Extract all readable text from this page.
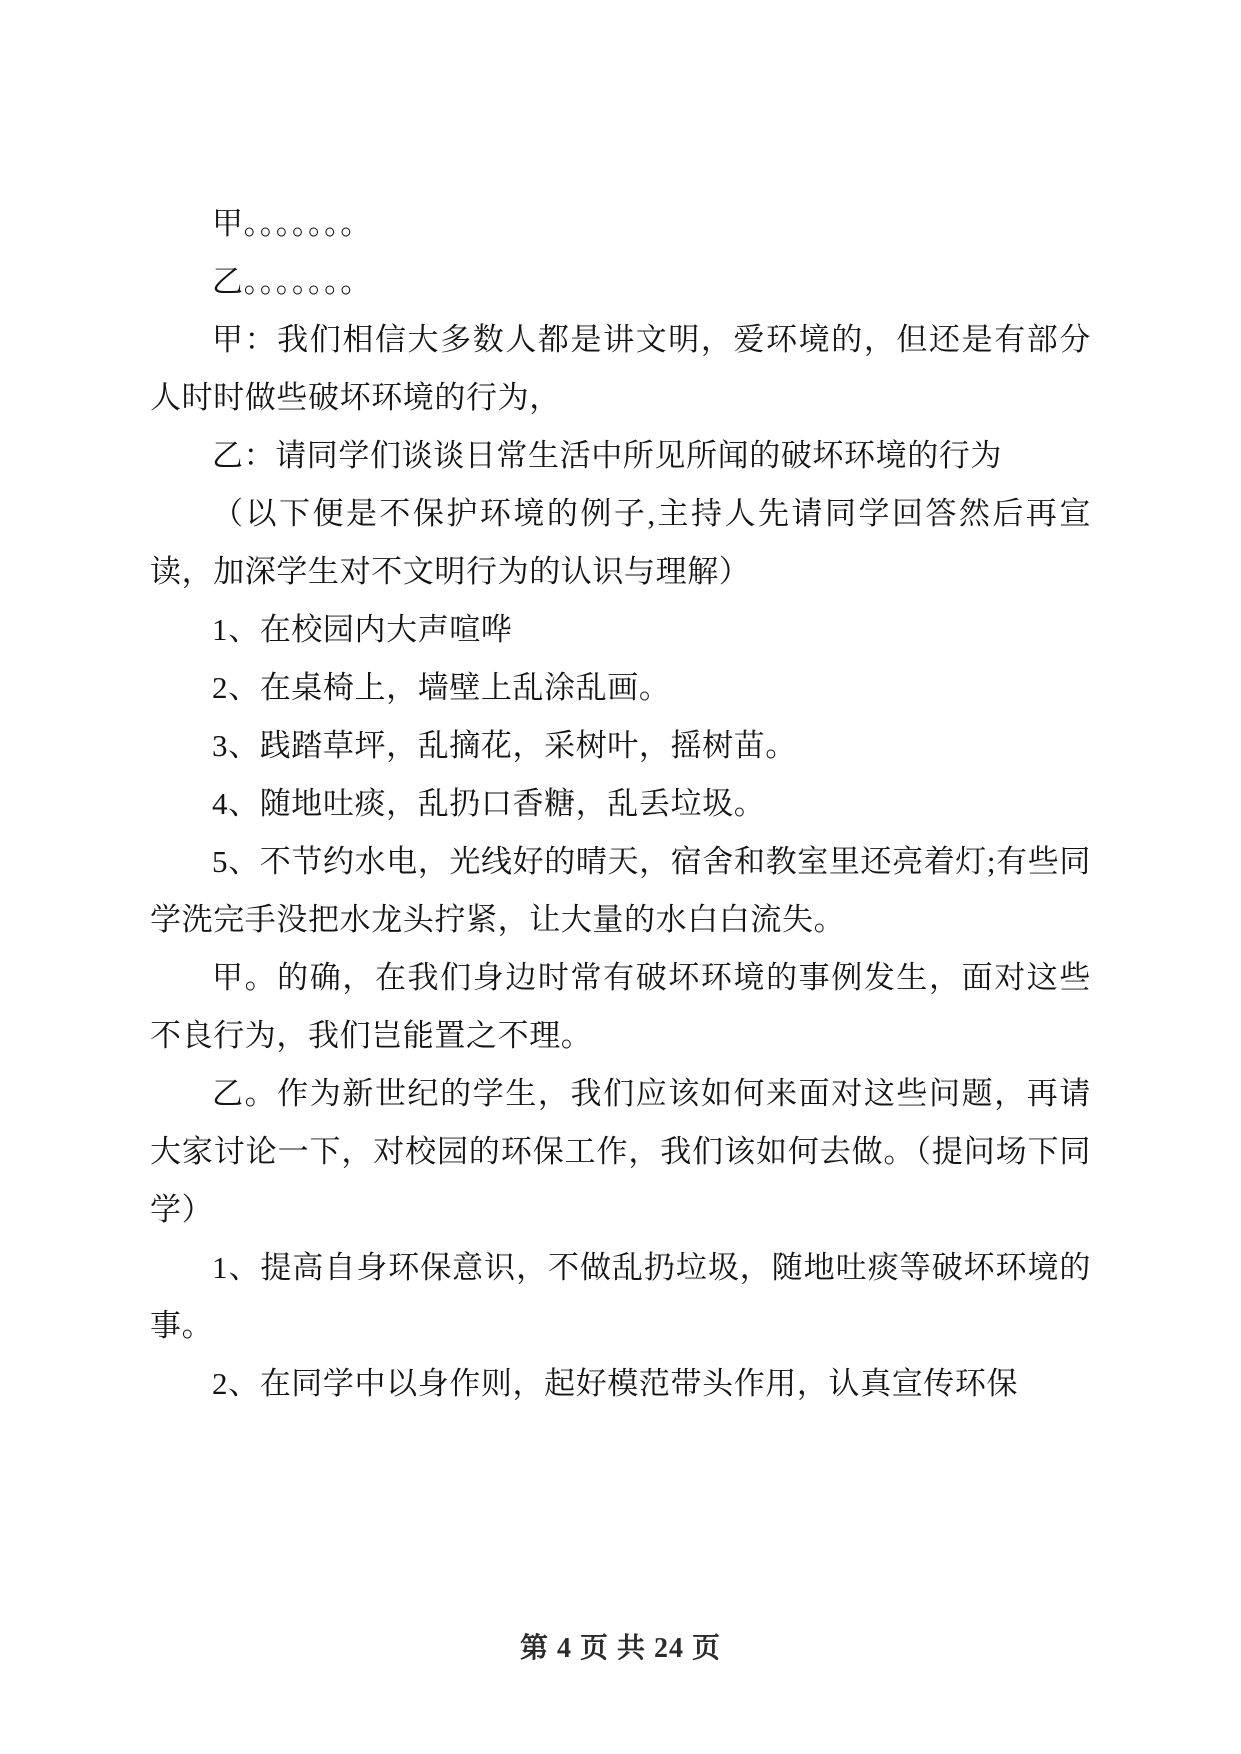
甲。。。。。。。

乙。。。。。。。

甲：我们相信大多数人都是讲文明，爱环境的，但还是有部分人时时做些破坏环境的行为，

乙：请同学们谈谈日常生活中所见所闻的破坏环境的行为

（以下便是不保护环境的例子,主持人先请同学回答然后再宣读，加深学生对不文明行为的认识与理解）

1、在校园内大声喧哗

2、在桌椅上，墙壁上乱涂乱画。

3、践踏草坪，乱摘花，采树叶，摇树苗。

4、随地吐痰，乱扔口香糖，乱丢垃圾。

5、不节约水电，光线好的晴天，宿舍和教室里还亮着灯;有些同学洗完手没把水龙头拧紧，让大量的水白白流失。

甲。的确，在我们身边时常有破坏环境的事例发生，面对这些不良行为，我们岂能置之不理。

乙。作为新世纪的学生，我们应该如何来面对这些问题，再请大家讨论一下，对校园的环保工作，我们该如何去做。（提问场下同学）

1、提高自身环保意识，不做乱扔垃圾，随地吐痰等破坏环境的事。

2、在同学中以身作则，起好模范带头作用，认真宣传环保

第 4 页 共 24 页
